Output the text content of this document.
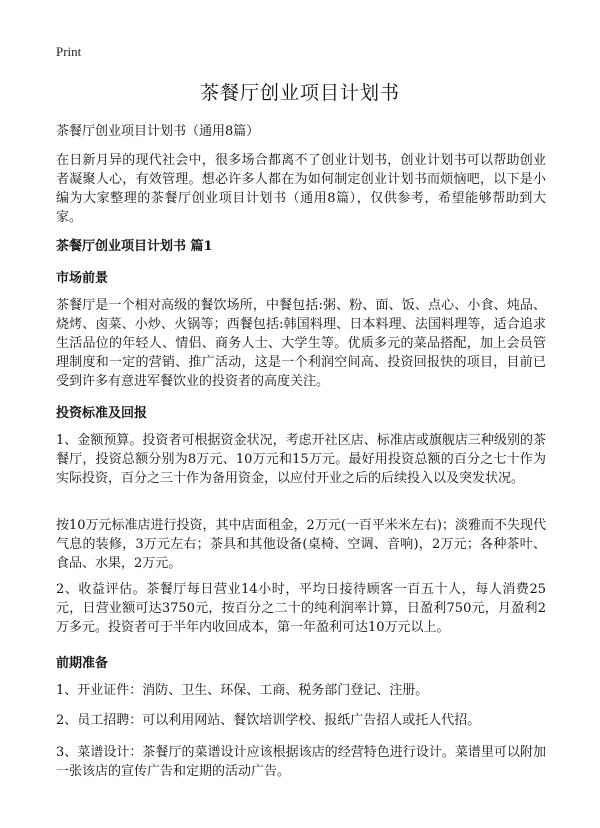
Print
茶餐厅创业项目计划书

茶餐厅创业项目计划书（通用8篇）

在日新月异的现代社会中，很多场合都离不了创业计划书，创业计划书可以帮助创业者凝聚人心，有效管理。想必许多人都在为如何制定创业计划书而烦恼吧，以下是小编为大家整理的茶餐厅创业项目计划书（通用8篇），仅供参考，希望能够帮助到大家。

茶餐厅创业项目计划书 篇1

市场前景

茶餐厅是一个相对高级的餐饮场所，中餐包括:粥、粉、面、饭、点心、小食、炖品、烧烤、卤菜、小炒、火锅等；西餐包括:韩国料理、日本料理、法国料理等，适合追求生活品位的年轻人、情侣、商务人士、大学生等。优质多元的菜品搭配，加上会员管理制度和一定的营销、推广活动，这是一个利润空间高、投资回报快的项目，目前已受到许多有意进军餐饮业的投资者的高度关注。

投资标准及回报

1、金额预算。投资者可根据资金状况，考虑开社区店、标准店或旗舰店三种级别的茶餐厅，投资总额分别为8万元、10万元和15万元。最好用投资总额的百分之七十作为实际投资，百分之三十作为备用资金，以应付开业之后的后续投入以及突发状况。

按10万元标准店进行投资，其中店面租金，2万元(一百平米米左右)；淡雅而不失现代气息的装修，3万元左右；茶具和其他设备(桌椅、空调、音响)，2万元；各种茶叶、食品、水果，2万元。

2、收益评估。茶餐厅每日营业14小时，平均日接待顾客一百五十人，每人消费25元，日营业额可达3750元，按百分之二十的纯利润率计算，日盈利750元，月盈利2万多元。投资者可于半年内收回成本，第一年盈利可达10万元以上。

前期准备

1、开业证件：消防、卫生、环保、工商、税务部门登记、注册。

2、员工招聘：可以利用网站、餐饮培训学校、报纸广告招人或托人代招。

3、菜谱设计：茶餐厅的菜谱设计应该根据该店的经营特色进行设计。菜谱里可以附加一张该店的宣传广告和定期的活动广告。
